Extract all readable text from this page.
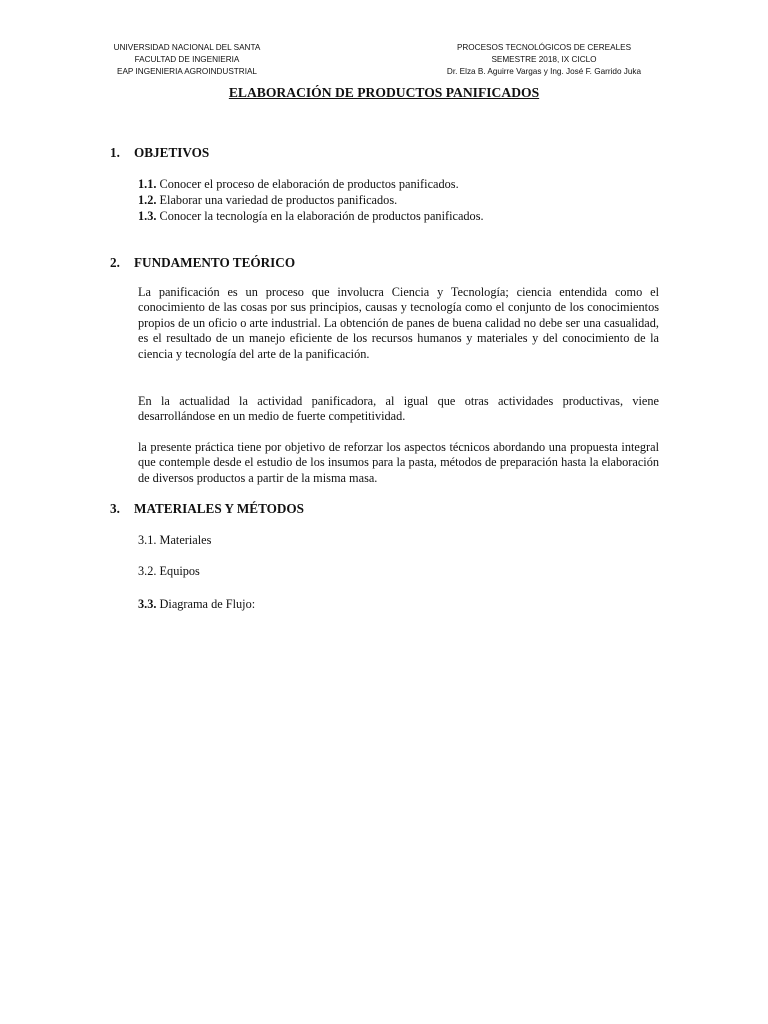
UNIVERSIDAD NACIONAL DEL SANTA
FACULTAD DE INGENIERIA
EAP INGENIERIA AGROINDUSTRIAL
PROCESOS TECNOLÓGICOS DE CEREALES
SEMESTRE 2018, IX CICLO
Dr. Elza B. Aguirre Vargas y Ing. José F. Garrido Juka
ELABORACIÓN DE PRODUCTOS PANIFICADOS
1. OBJETIVOS
1.1. Conocer el proceso de elaboración de productos panificados.
1.2. Elaborar una variedad de productos panificados.
1.3. Conocer la tecnología en la elaboración de productos panificados.
2. FUNDAMENTO TEÓRICO

La panificación es un proceso que involucra Ciencia y Tecnología; ciencia entendida como el conocimiento de las cosas por sus principios, causas y tecnología como el conjunto de los conocimientos propios de un oficio o arte industrial. La obtención de panes de buena calidad no debe ser una casualidad, es el resultado de un manejo eficiente de los recursos humanos y materiales y del conocimiento de la ciencia y tecnología del arte de la panificación.

En la actualidad la actividad panificadora, al igual que otras actividades productivas, viene desarrollándose en un medio de fuerte competitividad.

la presente práctica tiene por objetivo de reforzar los aspectos técnicos abordando una propuesta integral que contemple desde el estudio de los insumos para la pasta, métodos de preparación hasta la elaboración de diversos productos a partir de la misma masa.

3. MATERIALES Y MÉTODOS
3.1. Materiales
3.2. Equipos
3.3. Diagrama de Flujo:
